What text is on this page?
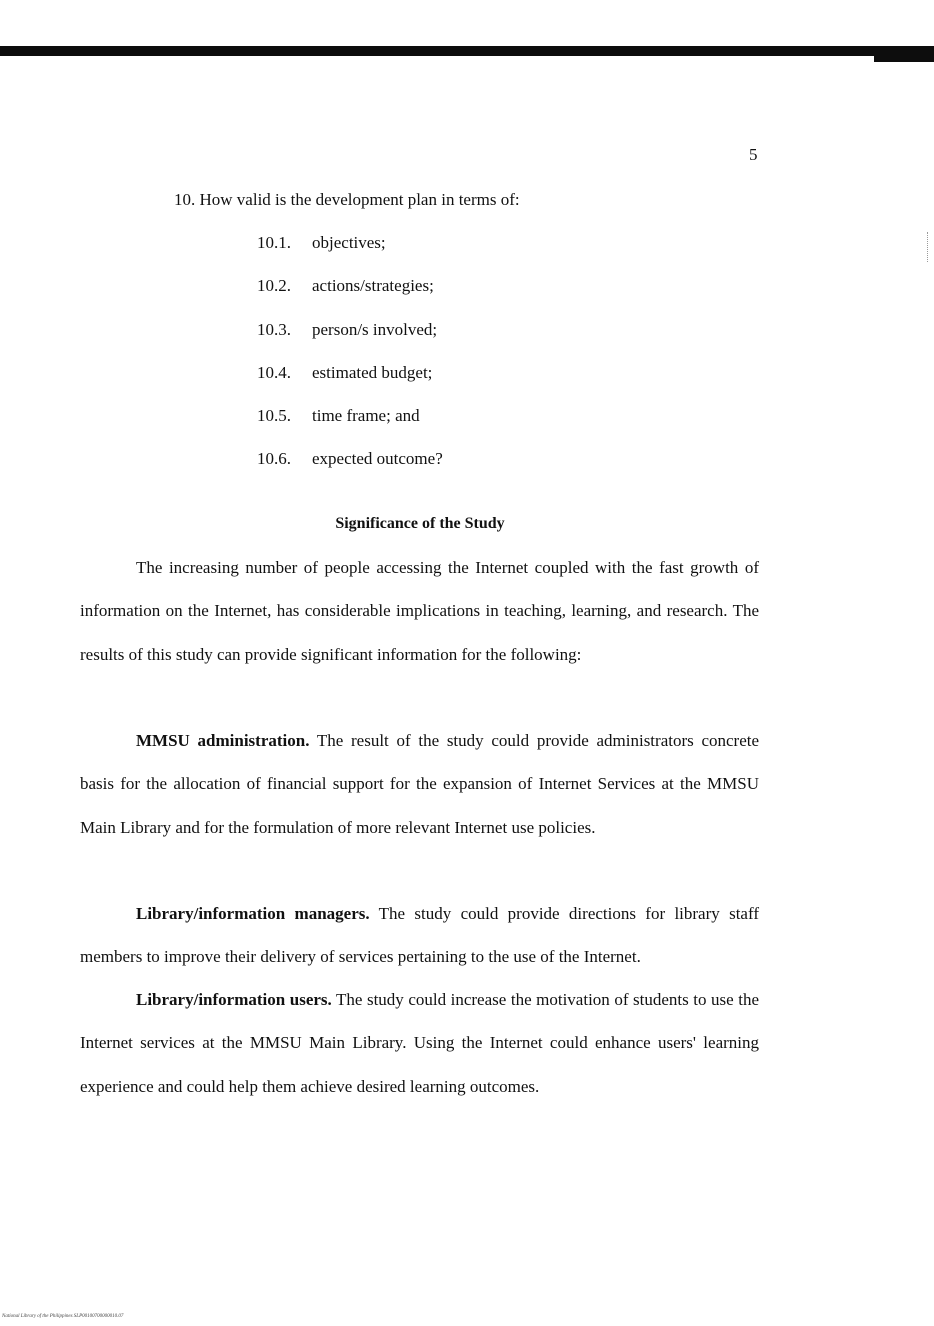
5
10. How valid is the development plan in terms of:
10.1.	objectives;
10.2.	actions/strategies;
10.3.	person/s involved;
10.4.	estimated budget;
10.5.	time frame; and
10.6.	expected outcome?
Significance of the Study

The increasing number of people accessing the Internet coupled with the fast growth of information on the Internet, has considerable implications in teaching, learning, and research. The results of this study can provide significant information for the following:

MMSU administration. The result of the study could provide administrators concrete basis for the allocation of financial support for the expansion of Internet Services at the MMSU Main Library and for the formulation of more relevant Internet use policies.

Library/information managers. The study could provide directions for library staff members to improve their delivery of services pertaining to the use of the Internet.

Library/information users. The study could increase the motivation of students to use the Internet services at the MMSU Main Library. Using the Internet could enhance users' learning experience and could help them achieve desired learning outcomes.

National Library of the Philippines SLP00100700000010.07
